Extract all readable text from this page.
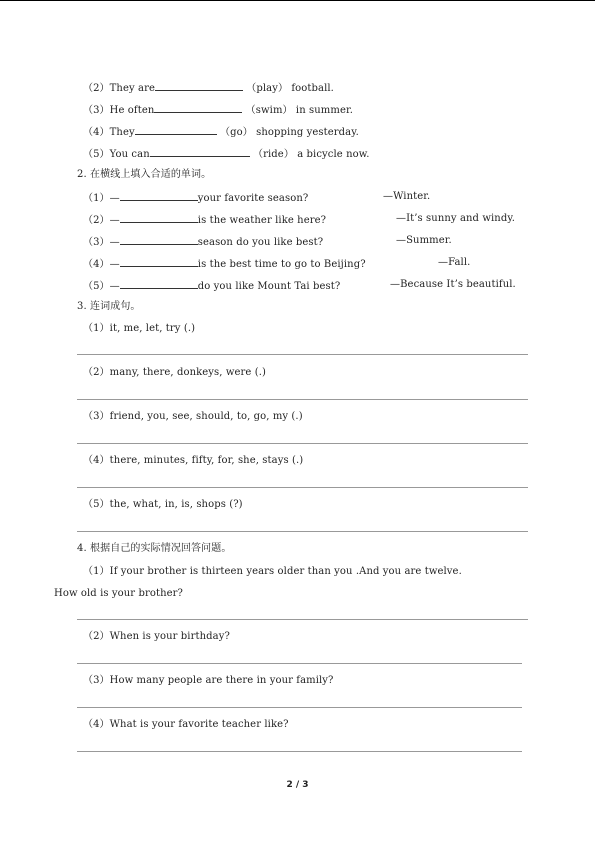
（2）They are	（play） football.
（3）He often	（swim） in summer.
（4）They	（go） shopping yesterday.
（5）You can	（ride） a bicycle now.
2. 在横线上填入合适的单词。
（1）—	your favorite season?	—Winter.
（2）—	is the weather like here?	—It’s sunny and windy.
（3）—	season do you like best?	—Summer.
（4）—	is the best time to go to Beijing?	—Fall.
（5）—	do you like Mount Tai best?	—Because It’s beautiful.
3. 连词成句。
（1）it, me, let, try (.)
（2）many, there, donkeys, were (.)
（3）friend, you, see, should, to, go, my (.)
（4）there, minutes, fifty, for, she, stays (.)
（5）the, what, in, is, shops (?)
4. 根据自己的实际情况回答问题。
（1）If your brother is thirteen years older than you .And you are twelve.
How old is your brother?
（2）When is your birthday?
（3）How many people are there in your family?
（4）What is your favorite teacher like?
2 / 3
